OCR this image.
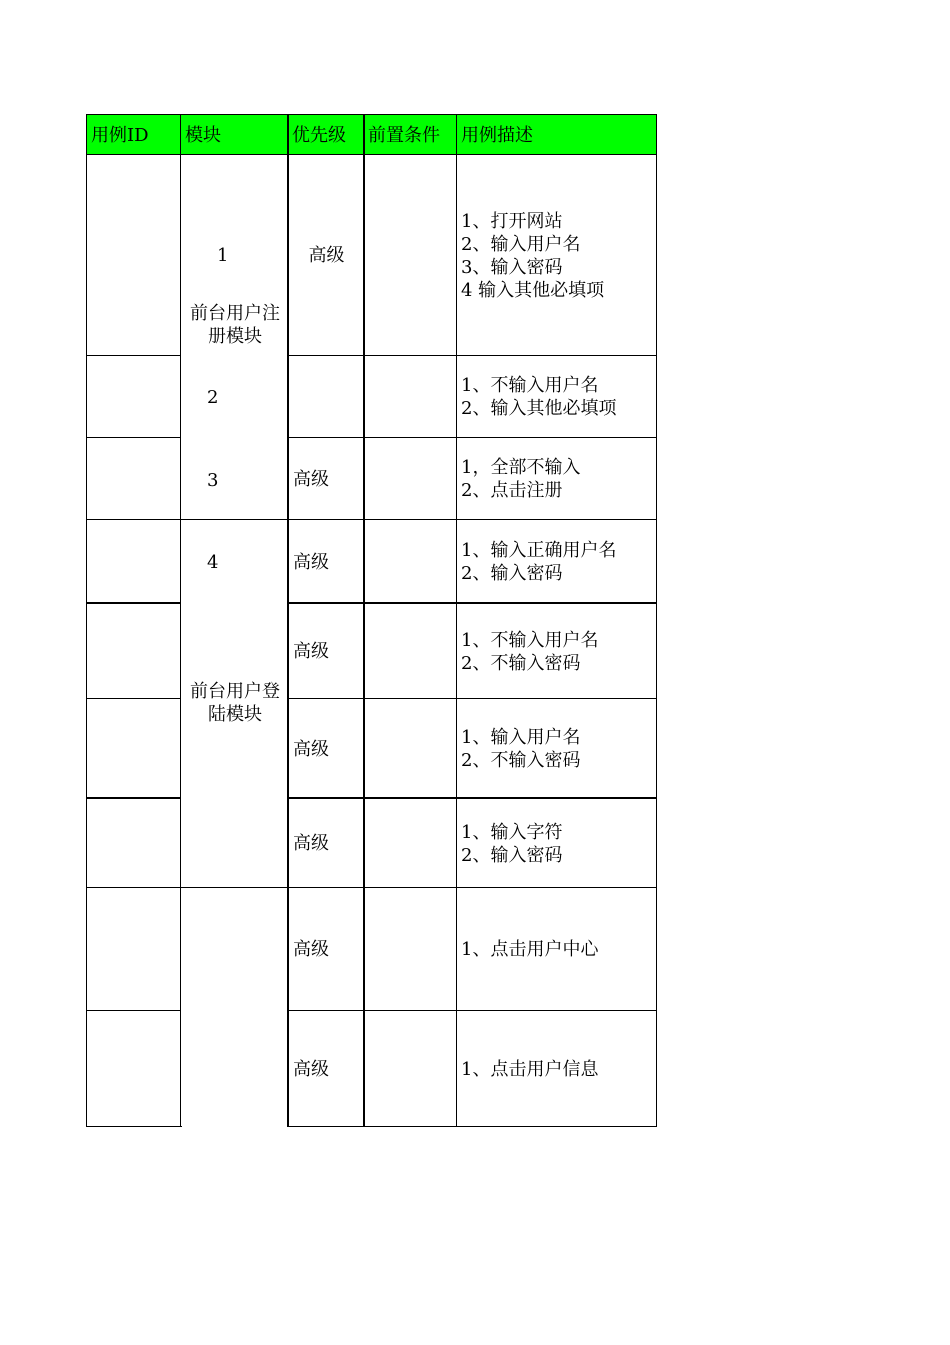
用例ID 模块	优先级 前置条件 用例描述
高级
高级
高级
高级
高级
高级
高级
高级
1、打开网站
2、输入用户名
3、输入密码
4 输入其他必填项
1、不输入用户名
2、输入其他必填项
1，全部不输入
2、点击注册
1、输入正确用户名
2、输入密码
1、不输入用户名
2、不输入密码
1、输入用户名
2、不输入密码
1、输入字符
2、输入密码
1、点击用户中心
1、点击用户信息
1
2
3
4
前台用户注册模块
前台用户登陆模块
